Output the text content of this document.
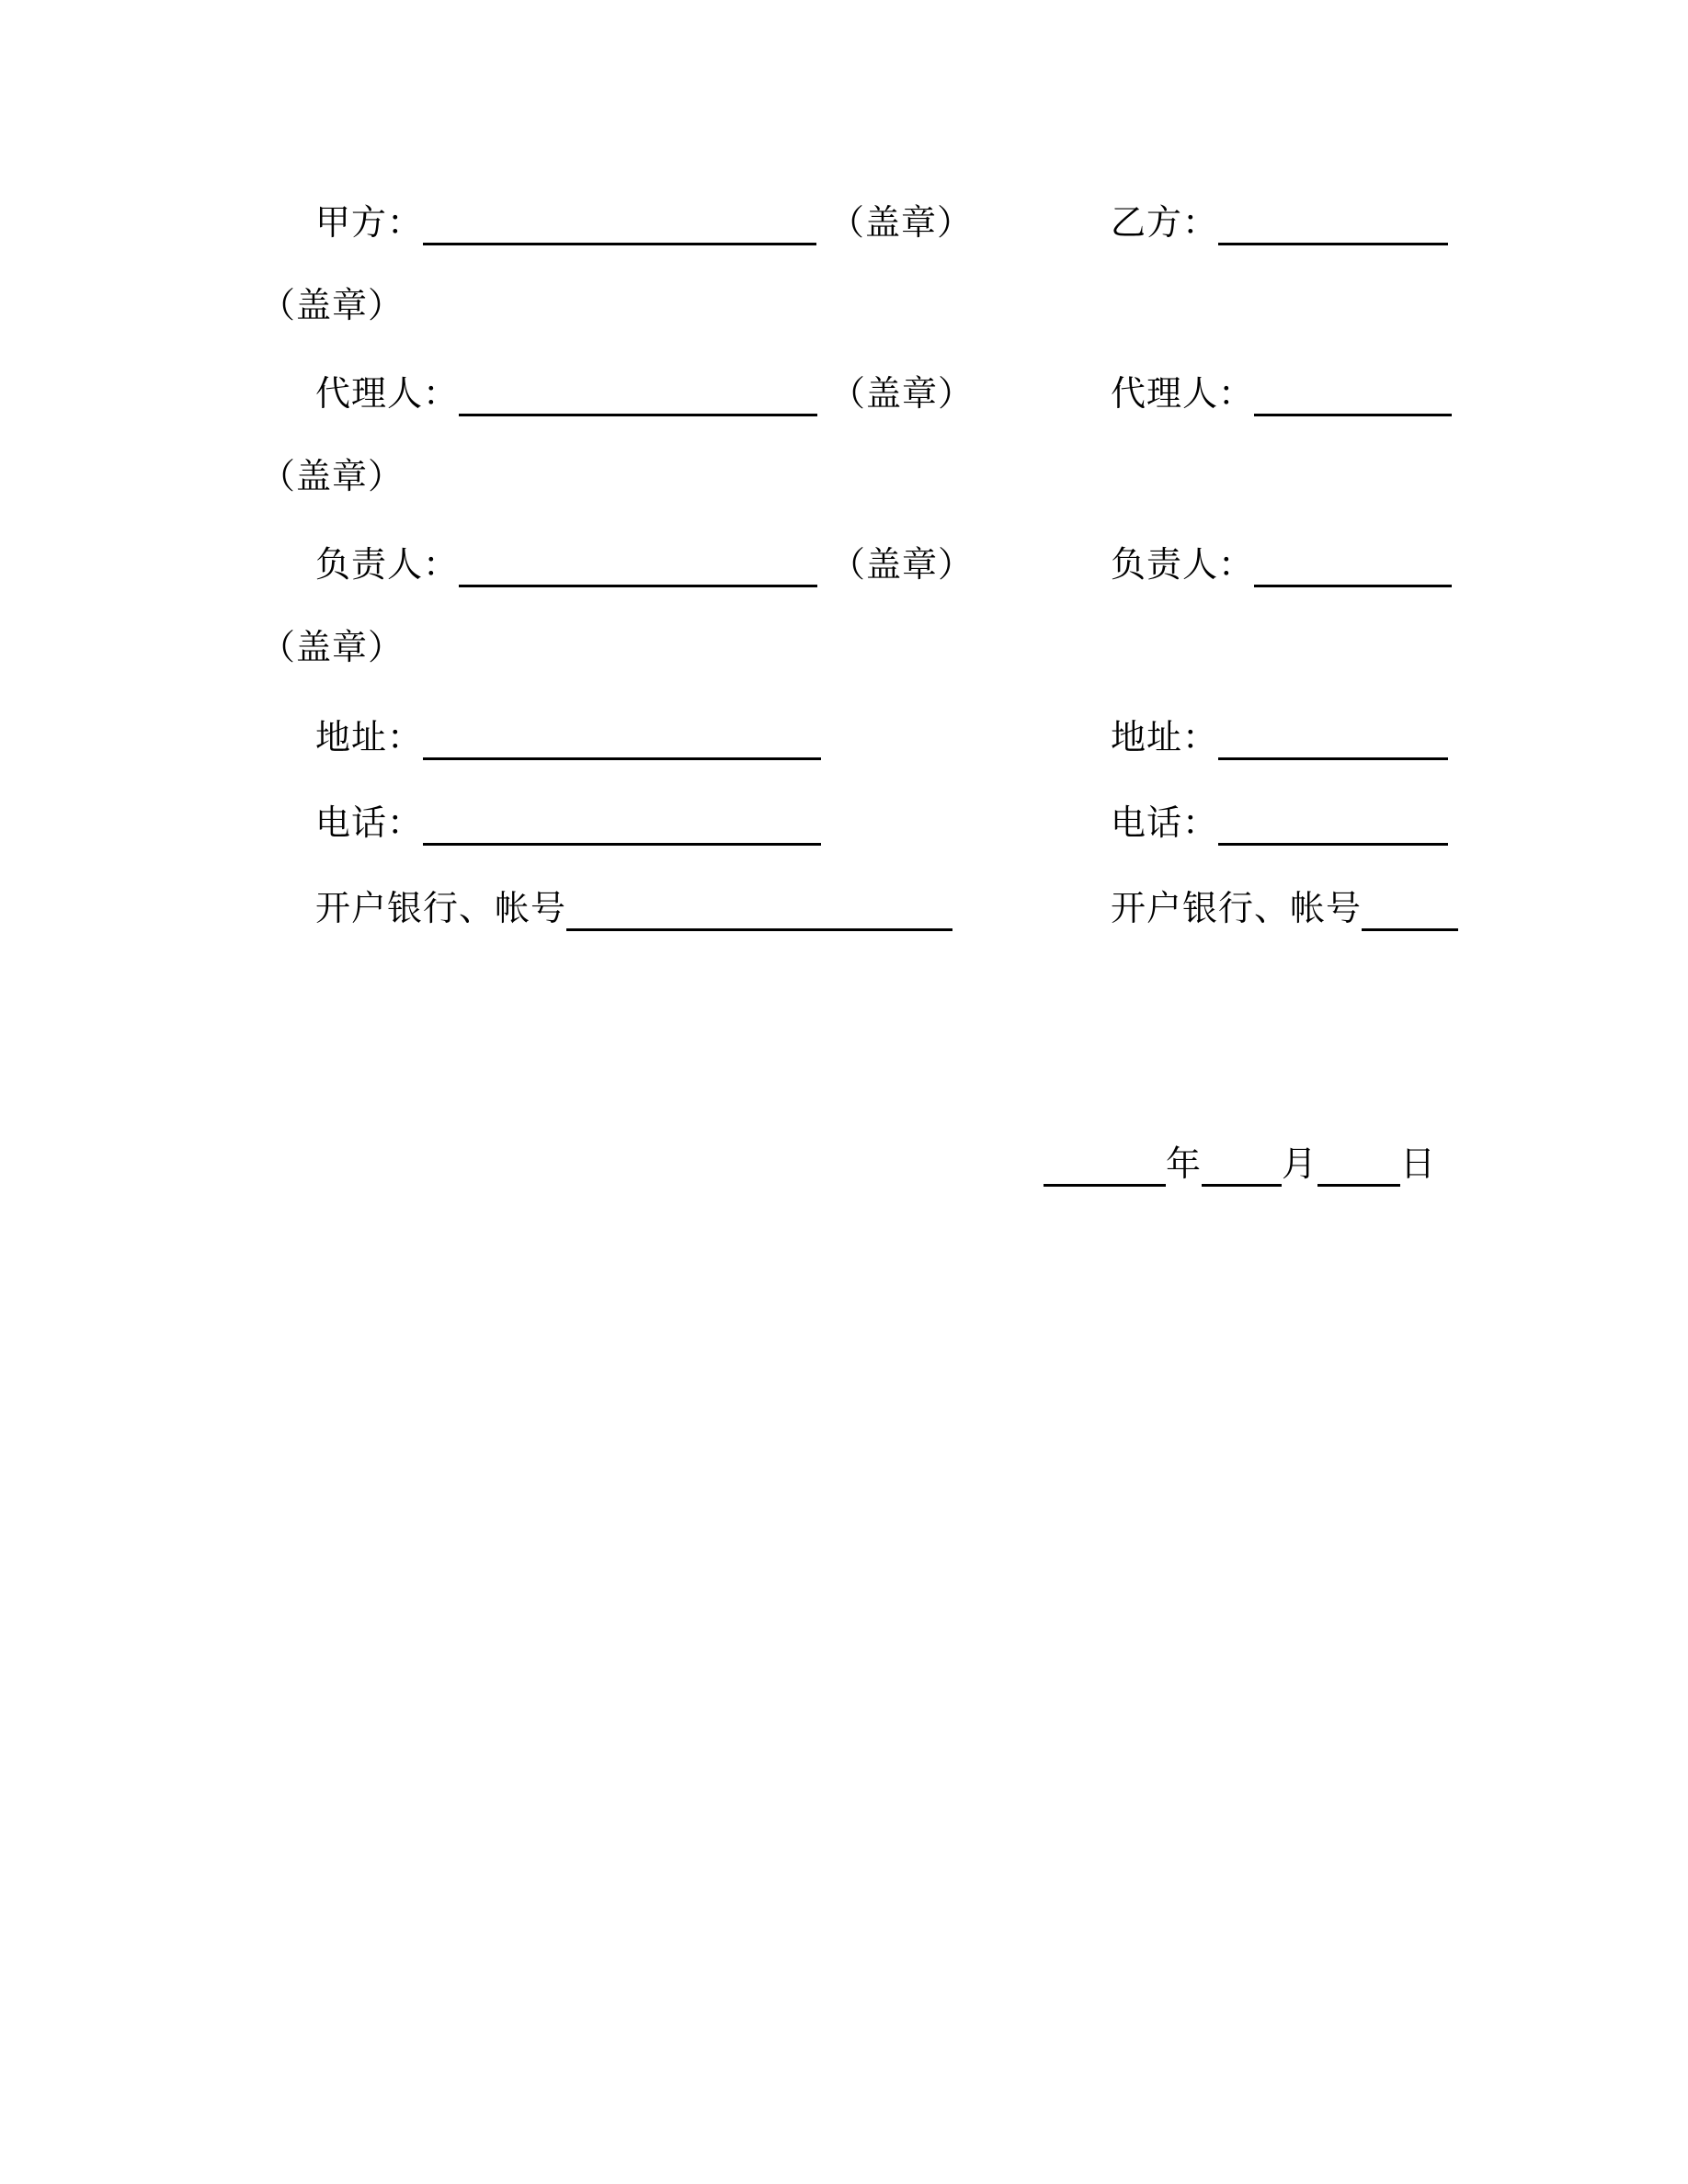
甲方：	（盖章）	乙方：
（盖章）
代理人：	（盖章）	代理人：
（盖章）
负责人：	（盖章）	负责人：
（盖章）
地址：	地址：
电话：	电话：
开户银行、帐号	开户银行、帐号
年 月 日
